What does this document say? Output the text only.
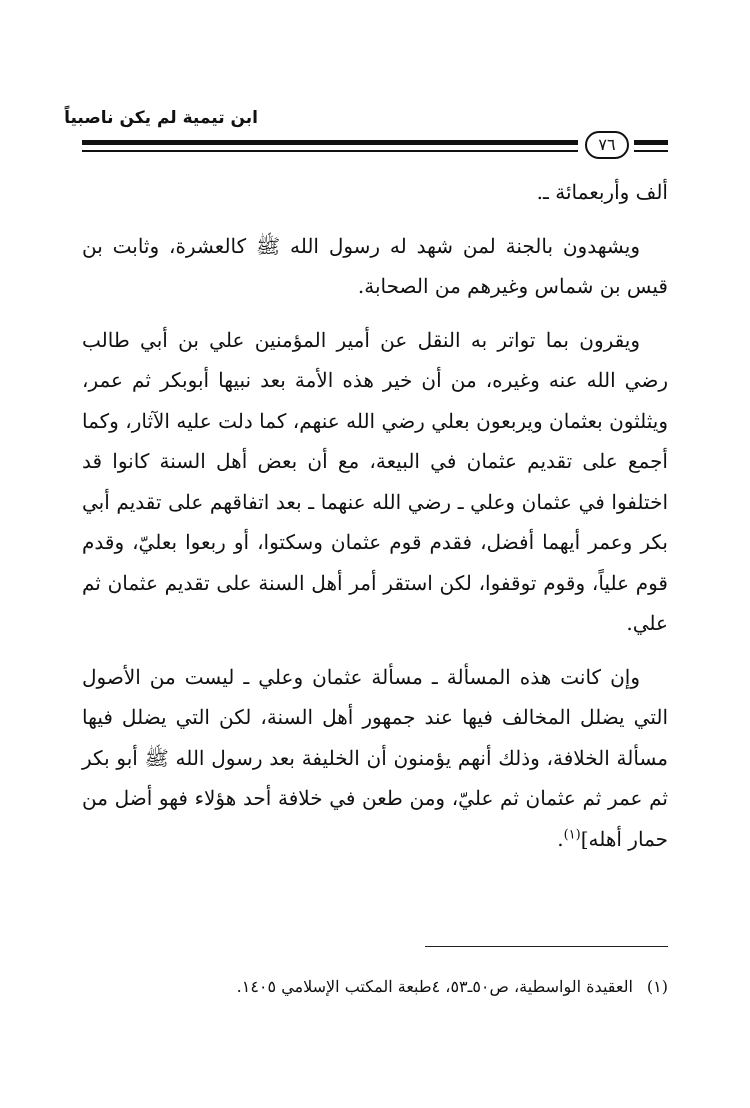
ابن تيمية لم يكن ناصبياً
٧٦

ألف وأربعمائة ـ.

ويشهدون بالجنة لمن شهد له رسول الله ﷺ كالعشرة، وثابت بن قيس بن شماس وغيرهم من الصحابة.

ويقرون بما تواتر به النقل عن أمير المؤمنين علي بن أبي طالب رضي الله عنه وغيره، من أن خير هذه الأمة بعد نبيها أبوبكر ثم عمر، ويثلثون بعثمان ويربعون بعلي رضي الله عنهم، كما دلت عليه الآثار، وكما أجمع على تقديم عثمان في البيعة، مع أن بعض أهل السنة كانوا قد اختلفوا في عثمان وعلي ـ رضي الله عنهما ـ بعد اتفاقهم على تقديم أبي بكر وعمر أيهما أفضل، فقدم قوم عثمان وسكتوا، أو ربعوا بعليّ، وقدم قوم علياً، وقوم توقفوا، لكن استقر أمر أهل السنة على تقديم عثمان ثم علي.

وإن كانت هذه المسألة ـ مسألة عثمان وعلي ـ ليست من الأصول التي يضلل المخالف فيها عند جمهور أهل السنة، لكن التي يضلل فيها مسألة الخلافة، وذلك أنهم يؤمنون أن الخليفة بعد رسول الله ﷺ أبو بكر ثم عمر ثم عثمان ثم عليّ، ومن طعن في خلافة أحد هؤلاء فهو أضل من حمار أهله]$^{(١)}$.

(١)العقيدة الواسطية، ص٥٠ـ٥٣، ٤طبعة المكتب الإسلامي ١٤٠٥.
